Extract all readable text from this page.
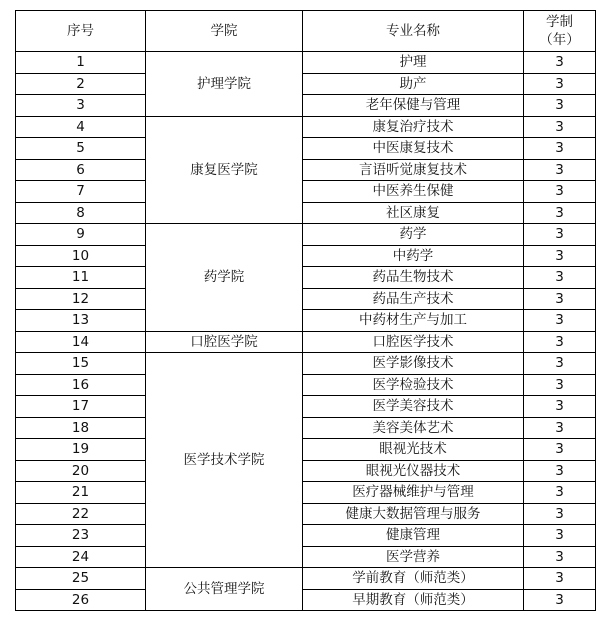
序号	学院	专业名称	学制
（年）
1	护理学院	护理	3
2		助产	3
3		老年保健与管理	3
4	康复医学院	康复治疗技术	3
5		中医康复技术	3
6		言语听觉康复技术	3
7		中医养生保健	3
8		社区康复	3
9	药学院	药学	3
10		中药学	3
11		药品生物技术	3
12		药品生产技术	3
13		中药材生产与加工	3
14	口腔医学院	口腔医学技术	3
15	医学技术学院	医学影像技术	3
16		医学检验技术	3
17		医学美容技术	3
18		美容美体艺术	3
19		眼视光技术	3
20		眼视光仪器技术	3
21		医疗器械维护与管理	3
22		健康大数据管理与服务	3
23		健康管理	3
24		医学营养	3
25	公共管理学院	学前教育（师范类）	3
26		早期教育（师范类）	3
